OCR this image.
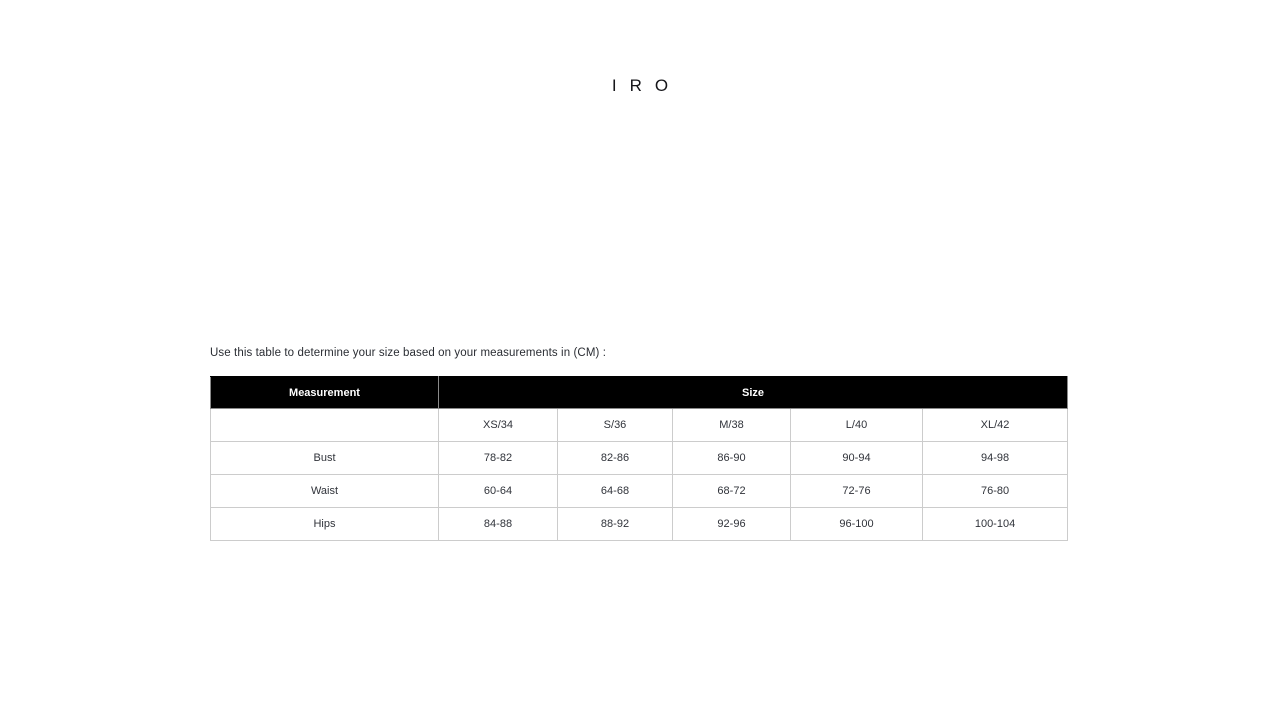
IRO

Use this table to determine your size based on your measurements in (CM) :

Measurement	Size				
	XS/34	S/36	M/38	L/40	XL/42
Bust	78-82	82-86	86-90	90-94	94-98
Waist	60-64	64-68	68-72	72-76	76-80
Hips	84-88	88-92	92-96	96-100	100-104
